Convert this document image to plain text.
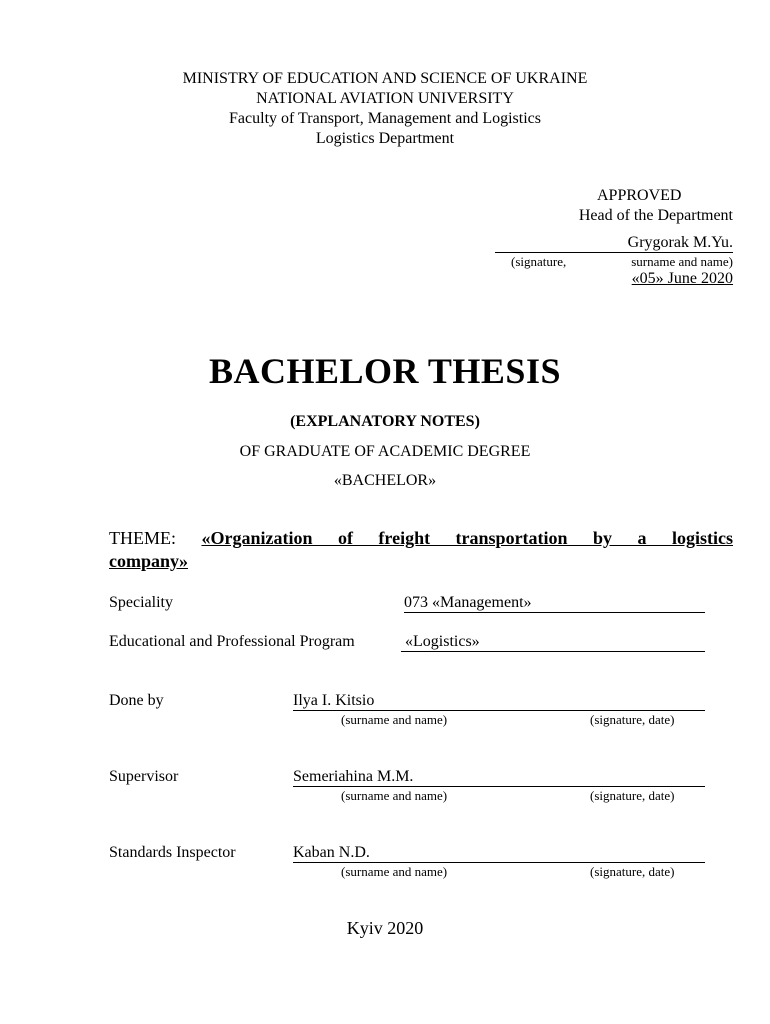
MINISTRY OF EDUCATION AND SCIENCE OF UKRAINE
NATIONAL AVIATION UNIVERSITY
Faculty of Transport, Management and Logistics
Logistics Department
APPROVED
Head of the Department
Grygorak M.Yu.
(signature,	surname and name)
«05» June 2020
BACHELOR THESIS
(EXPLANATORY NOTES)
OF GRADUATE OF ACADEMIC DEGREE
«BACHELOR»
THEME: «Organization of freight transportation by a logistics
company»
Speciality	073 «Management»
Educational and Professional Program	«Logistics»
Done by	Ilya I. Kitsio
(surname and name)	(signature, date)
Supervisor	Semeriahina M.M.
(surname and name)	(signature, date)
Standards Inspector	Kaban N.D.
(surname and name)	(signature, date)
Kyiv 2020
